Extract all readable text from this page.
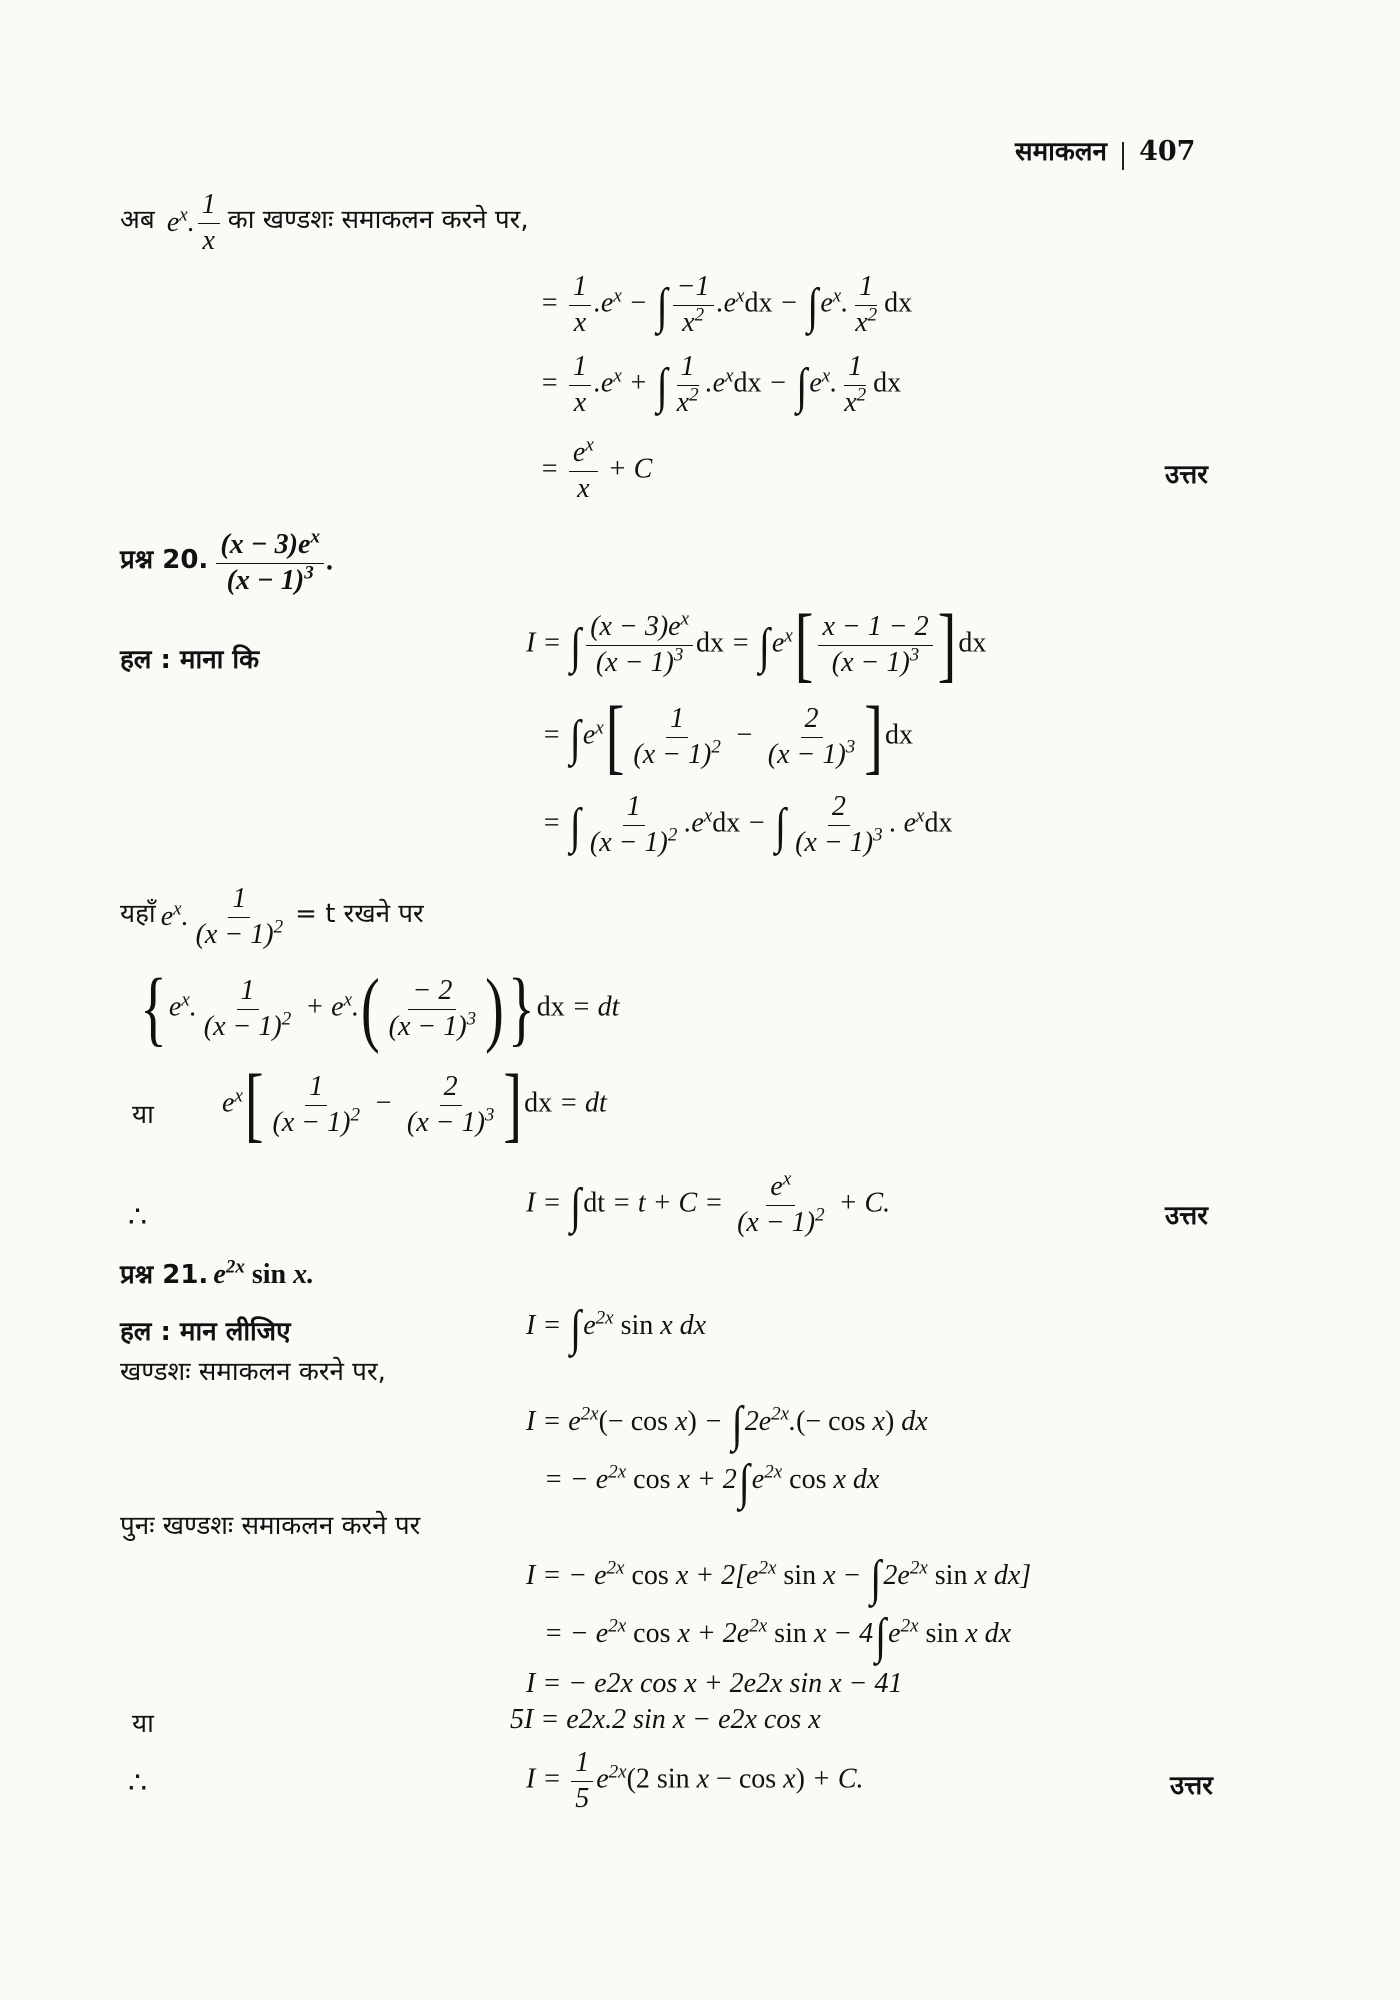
समाकलन 407
अब  $e^x$. $\frac{1}{x}$ का खण्डशः समाकलन करने पर,
= $\frac{1}{x} .e^x$ − ∫ $\frac{-1}{x^2} .e^xdx - \int e^x$. $\frac{1}{x^2}$ dx
= $\frac{1}{x} .e^x$ + ∫ $\frac{1}{x^2} .e^xdx - \int e^x$. $\frac{1}{x^2}$ dx
= $\frac{e^x}{x} + C$	उत्तर
प्रश्न 20. $\frac{(x - 3)e^x}{(x - 1)^3}$ .
हल : माना कि
I = ∫ $\frac{(x - 3)e^x}{(x - 1)^3}$ dx = $\int e^x[ \frac{x - 1 - 2}{(x - 1)^3} ]dx$
= $\int e^x[ \frac{1}{(x - 1)^2} - \frac{2}{(x - 1)^3} ]dx$
= ∫ $\frac{1}{(x - 1)^2} .e^xdx$ − ∫ $\frac{2}{(x - 1)^3}$ . $e^xdx$
यहाँ $e^x$. $\frac{1}{(x - 1)^2} = t$ रखने पर
{$e^x$. $\frac{1}{(x - 1)^2} + e^x.( \frac{- 2}{(x - 1)^3} )\}dx$ = dt
या $e^x[ \frac{1}{(x - 1)^2} - \frac{2}{(x - 1)^3} ]dx$ = dt
∴	$I = \int dt = t + C = \frac{e^x}{(x - 1)^2} + C$.	उत्तर
प्रश्न 21. $e^{2x}$ sin x.
हल : मान लीजिए	$I = \int e^{2x}$ sin x dx
खण्डशः समाकलन करने पर,
$I = e^{2x}(- \cos x) - \int 2e^{2x}.(- \cos x)$ dx
= − $e^{2x}$ $\cos x + 2\int e^{2x}$ cos x dx
पुनः खण्डशः समाकलन करने पर
I = − $e^{2x}$ $\cos x + 2[e^{2x}$ $\sin x - \int 2e^{2x}$ sin x dx]
= − $e^{2x}$ $\cos x + 2e^{2x}$ $\sin x - 4\int e^{2x}$ sin x dx
I = − e2x cos x + 2e2x sin x − 41
या	5I = e2x.2 sin x − e2x cos x
∴	$I = \frac{1}{5} e^{2x}(2$ sin x − cos x) + C.	उत्तर
